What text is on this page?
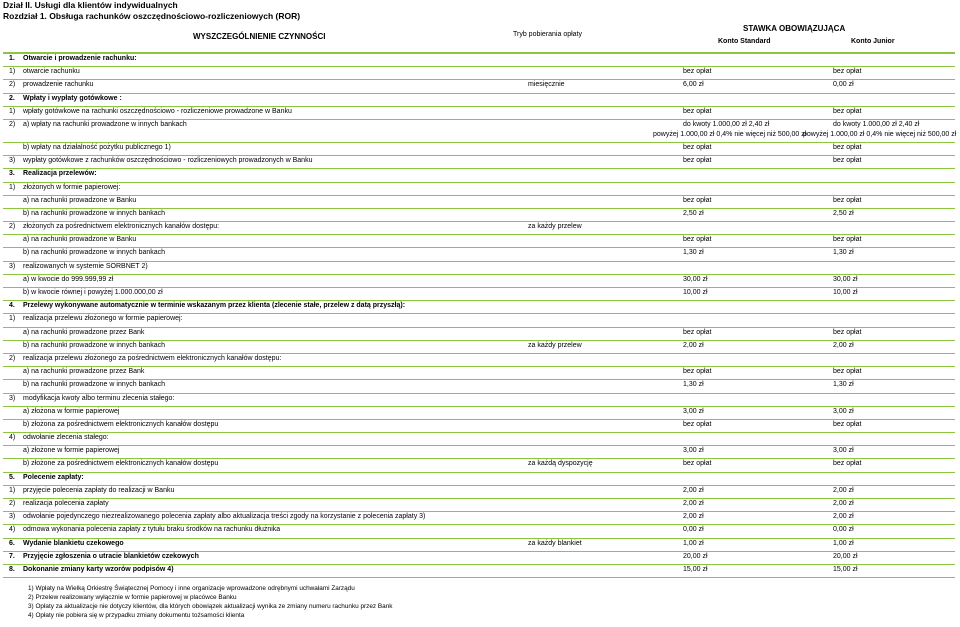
Dział II. Usługi dla klientów indywidualnych
Rozdział 1. Obsługa rachunków oszczędnościowo-rozliczeniowych (ROR)
WYSZCZEGÓLNIENIE CZYNNOŚCI	Tryb pobierania opłaty
STAWKA OBOWIĄZUJĄCA
Konto Standard	Konto Junior
1. Otwarcie i prowadzenie rachunku:
1) otwarcie rachunku	bez opłat	bez opłat
2) prowadzenie rachunku	miesięcznie	6,00 zł	0,00 zł
2. Wpłaty i wypłaty gotówkowe :
1) wpłaty gotówkowe na rachunki oszczędnościowo - rozliczeniowe prowadzone w Banku	bez opłat	bez opłat
2) a) wpłaty na rachunki prowadzone w innych bankach	do kwoty 1.000,00 zł 2,40 zł	do kwoty 1.000,00 zł 2,40 zł
powyżej 1.000,00 zł 0,4% nie więcej niż 500,00 zł
powyżej 1.000,00 zł 0,4% nie więcej niż 500,00 zł
b) wpłaty na działalność pożytku publicznego 1)	bez opłat	bez opłat
3) wypłaty gotówkowe z rachunków oszczędnościowo - rozliczeniowych prowadzonych w Banku	bez opłat	bez opłat
3. Realizacja przelewów:
1) złożonych w formie papierowej:
a) na rachunki prowadzone w Banku	bez opłat	bez opłat
b) na rachunki prowadzone w innych bankach	2,50 zł	2,50 zł
2) złożonych za pośrednictwem elektronicznych kanałów dostępu:	za każdy przelew
a) na rachunki prowadzone w Banku	bez opłat	bez opłat
b) na rachunki prowadzone w innych bankach	1,30 zł	1,30 zł
3) realizowanych w systemie SORBNET 2)
a) w kwocie do 999.999,99 zł	30,00 zł	30,00 zł
b) w kwocie równej i powyżej 1.000.000,00 zł	10,00 zł	10,00 zł
4. Przelewy wykonywane automatycznie w terminie wskazanym przez klienta (zlecenie stałe, przelew z datą przyszłą):
1) realizacja przelewu złożonego w formie papierowej:
a) na rachunki prowadzone przez Bank	bez opłat	bez opłat
b) na rachunki prowadzone w innych bankach	za każdy przelew	2,00 zł	2,00 zł
2) realizacja przelewu złożonego za pośrednictwem elektronicznych kanałów dostępu:
a) na rachunki prowadzone przez Bank	bez opłat	bez opłat
b) na rachunki prowadzone w innych bankach	1,30 zł	1,30 zł
3) modyfikacja kwoty albo terminu zlecenia stałego:
a) złożona w formie papierowej	3,00 zł	3,00 zł
b) złożona za pośrednictwem elektronicznych kanałów dostępu	bez opłat	bez opłat
4) odwołanie zlecenia stałego:
a) złożone w formie papierowej	3,00 zł	3,00 zł
b) złożone za pośrednictwem elektronicznych kanałów dostępu	za każdą dyspozycję	bez opłat	bez opłat
5. Polecenie zapłaty:
1) przyjęcie polecenia zapłaty do realizacji w Banku	2,00 zł	2,00 zł
2) realizacja polecenia zapłaty	2,00 zł	2,00 zł
3) odwołanie pojedynczego niezrealizowanego polecenia zapłaty albo aktualizacja treści zgody na korzystanie z polecenia zapłaty 3)	2,00 zł	2,00 zł
4) odmowa wykonania polecenia zapłaty z tytułu braku środków na rachunku dłużnika	0,00 zł	0,00 zł
6. Wydanie blankietu czekowego	za każdy blankiet	1,00 zł	1,00 zł
7. Przyjęcie zgłoszenia o utracie blankietów czekowych	20,00 zł	20,00 zł
8. Dokonanie zmiany karty wzorów podpisów 4)	15,00 zł	15,00 zł
1) Wpłaty na Wielką Orkiestrę Świątecznej Pomocy i inne organizacje wprowadzone odrębnymi uchwałami Zarządu
2) Przelew realizowany wyłącznie w formie papierowej w placówce Banku
3) Opłaty za aktualizacje nie dotyczy klientów, dla których obowiązek aktualizacji wynika ze zmiany numeru rachunku przez Bank
4) Opłaty nie pobiera się w przypadku zmiany dokumentu tożsamości klienta
